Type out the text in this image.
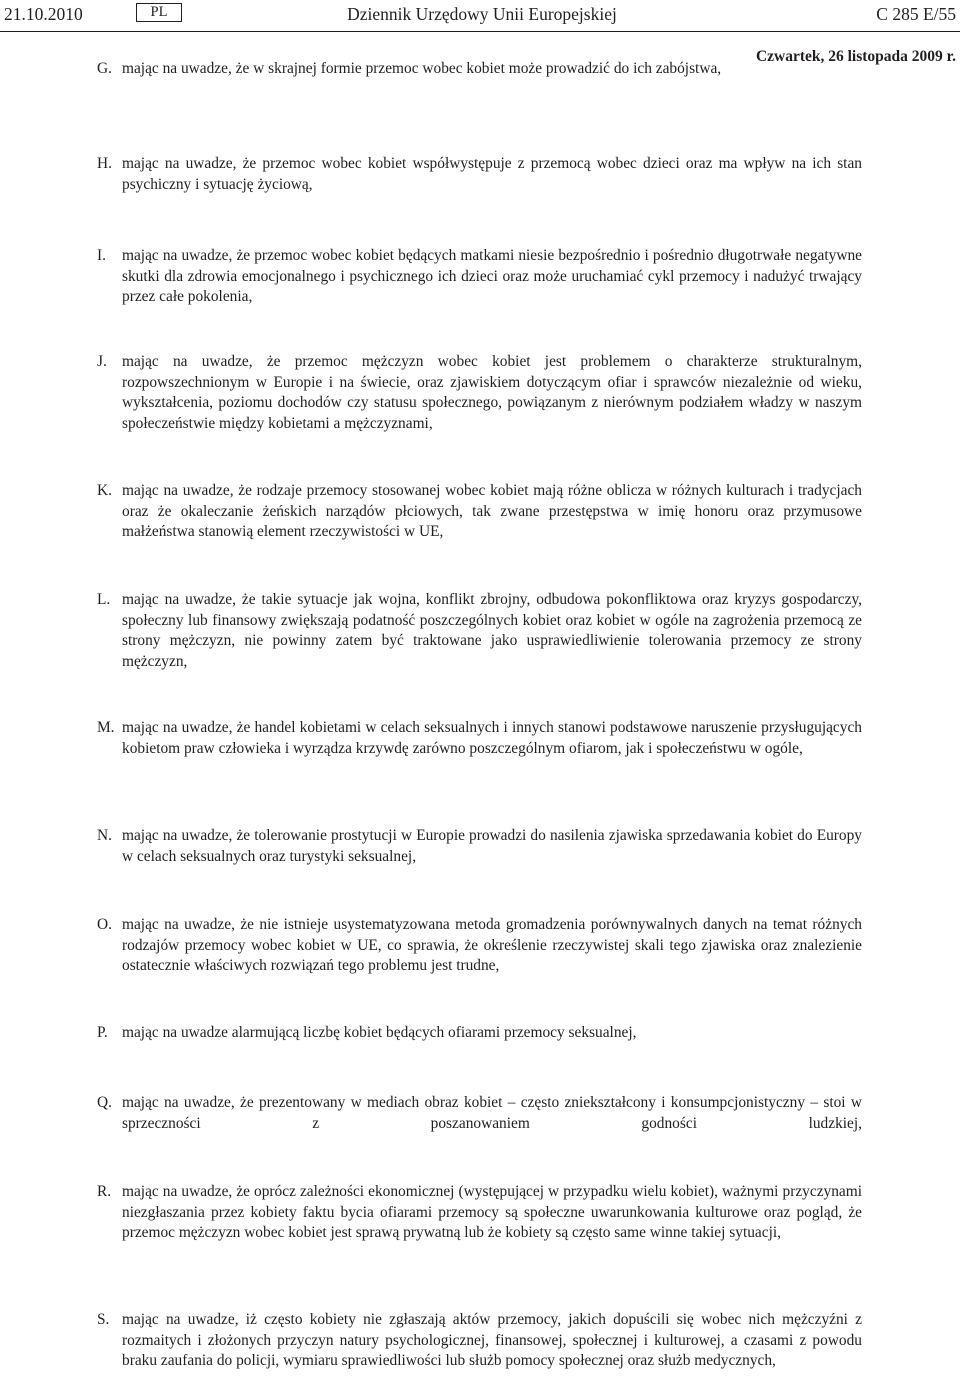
21.10.2010	PL	Dziennik Urzędowy Unii Europejskiej	C 285 E/55
Czwartek, 26 listopada 2009 r.
G. mając na uwadze, że w skrajnej formie przemoc wobec kobiet może prowadzić do ich zabójstwa,
H. mając na uwadze, że przemoc wobec kobiet współwystępuje z przemocą wobec dzieci oraz ma wpływ na ich stan psychiczny i sytuację życiową,
I. mając na uwadze, że przemoc wobec kobiet będących matkami niesie bezpośrednio i pośrednio długotrwałe negatywne skutki dla zdrowia emocjonalnego i psychicznego ich dzieci oraz może uruchamiać cykl przemocy i nadużyć trwający przez całe pokolenia,
J. mając na uwadze, że przemoc mężczyzn wobec kobiet jest problemem o charakterze strukturalnym, rozpowszechnionym w Europie i na świecie, oraz zjawiskiem dotyczącym ofiar i sprawców niezależnie od wieku, wykształcenia, poziomu dochodów czy statusu społecznego, powiązanym z nierównym podziałem władzy w naszym społeczeństwie między kobietami a mężczyznami,
K. mając na uwadze, że rodzaje przemocy stosowanej wobec kobiet mają różne oblicza w różnych kulturach i tradycjach oraz że okaleczanie żeńskich narządów płciowych, tak zwane przestępstwa w imię honoru oraz przymusowe małżeństwa stanowią element rzeczywistości w UE,
L. mając na uwadze, że takie sytuacje jak wojna, konflikt zbrojny, odbudowa pokonfliktowa oraz kryzys gospodarczy, społeczny lub finansowy zwiększają podatność poszczególnych kobiet oraz kobiet w ogóle na zagrożenia przemocą ze strony mężczyzn, nie powinny zatem być traktowane jako usprawiedliwienie tolerowania przemocy ze strony mężczyzn,
M. mając na uwadze, że handel kobietami w celach seksualnych i innych stanowi podstawowe naruszenie przysługujących kobietom praw człowieka i wyrządza krzywdę zarówno poszczególnym ofiarom, jak i społeczeństwu w ogóle,
N. mając na uwadze, że tolerowanie prostytucji w Europie prowadzi do nasilenia zjawiska sprzedawania kobiet do Europy w celach seksualnych oraz turystyki seksualnej,
O. mając na uwadze, że nie istnieje usystematyzowana metoda gromadzenia porównywalnych danych na temat różnych rodzajów przemocy wobec kobiet w UE, co sprawia, że określenie rzeczywistej skali tego zjawiska oraz znalezienie ostatecznie właściwych rozwiązań tego problemu jest trudne,
P. mając na uwadze alarmującą liczbę kobiet będących ofiarami przemocy seksualnej,
Q. mając na uwadze, że prezentowany w mediach obraz kobiet – często zniekształcony i konsumpcjonistyczny – stoi w sprzeczności z poszanowaniem godności ludzkiej,
R. mając na uwadze, że oprócz zależności ekonomicznej (występującej w przypadku wielu kobiet), ważnymi przyczynami niezgłaszania przez kobiety faktu bycia ofiarami przemocy są społeczne uwarunkowania kulturowe oraz pogląd, że przemoc mężczyzn wobec kobiet jest sprawą prywatną lub że kobiety są często same winne takiej sytuacji,
S. mając na uwadze, iż często kobiety nie zgłaszają aktów przemocy, jakich dopuścili się wobec nich mężczyźni z rozmaitych i złożonych przyczyn natury psychologicznej, finansowej, społecznej i kulturowej, a czasami z powodu braku zaufania do policji, wymiaru sprawiedliwości lub służb pomocy społecznej oraz służb medycznych,
